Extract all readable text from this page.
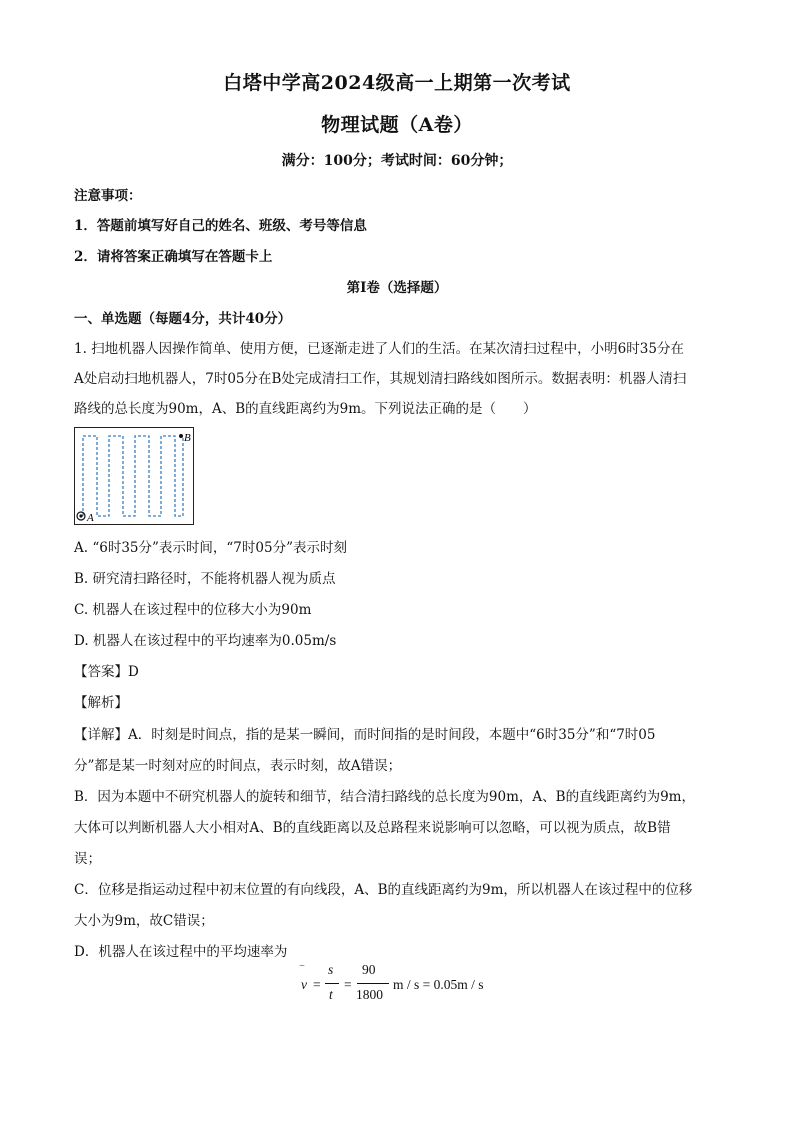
白塔中学高2024级高一上期第一次考试
物理试题（A卷）
满分：100分；考试时间：60分钟；
注意事项：
1．答题前填写好自己的姓名、班级、考号等信息
2．请将答案正确填写在答题卡上
第I卷（选择题）
一、单选题（每题4分，共计40分）
1. 扫地机器人因操作简单、使用方便，已逐渐走进了人们的生活。在某次清扫过程中，小明6时35分在
A处启动扫地机器人，7时05分在B处完成清扫工作，其规划清扫路线如图所示。数据表明：机器人清扫
路线的总长度为90m，A、B的直线距离约为9m。下列说法正确的是（　　）
A
B
A. “6时35分”表示时间，“7时05分”表示时刻
B. 研究清扫路径时，不能将机器人视为质点
C. 机器人在该过程中的位移大小为90m
D. 机器人在该过程中的平均速率为0.05m/s
【答案】D
【解析】
【详解】A．时刻是时间点，指的是某一瞬间，而时间指的是时间段，本题中“6时35分”和“7时05
分”都是某一时刻对应的时间点，表示时刻，故A错误；
B．因为本题中不研究机器人的旋转和细节，结合清扫路线的总长度为90m，A、B的直线距离约为9m，
大体可以判断机器人大小相对A、B的直线距离以及总路程来说影响可以忽略，可以视为质点，故B错
误；
C．位移是指运动过程中初末位置的有向线段，A、B的直线距离约为9m，所以机器人在该过程中的位移
大小为9m，故C错误；
D．机器人在该过程中的平均速率为
‾
v =
s
t
=
90
1800
m / s = 0.05m / s
